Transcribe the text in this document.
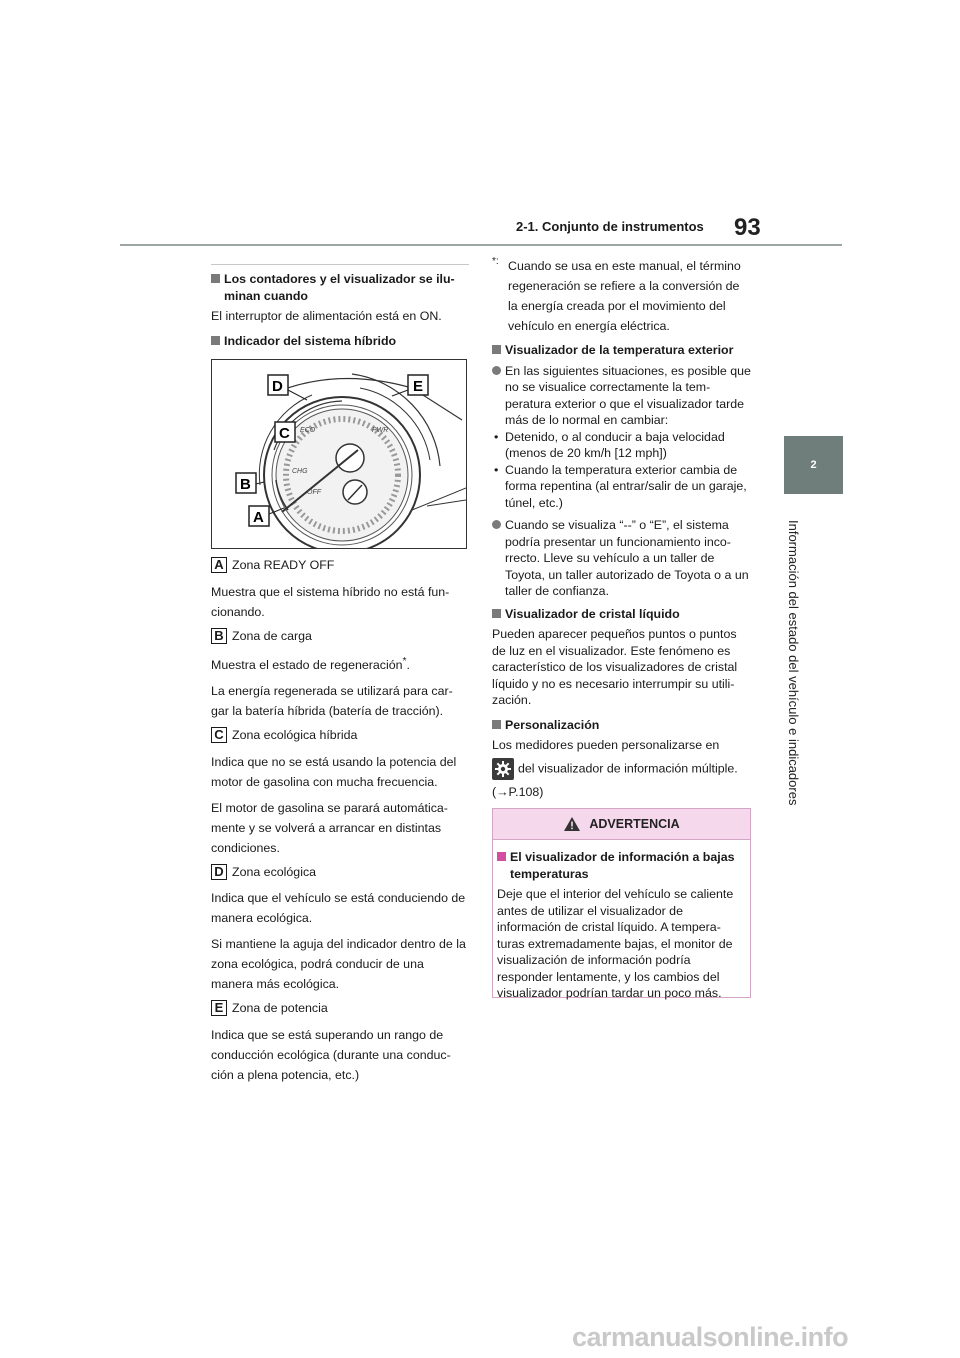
2-1. Conjunto de instrumentos 93
2
Información del estado del vehículo e indicadores
Los contadores y el visualizador se ilu-minan cuando

El interruptor de alimentación está en ON.

Indicador del sistema híbrido
ECO	PWR
CHG
OFF
D	E
C
B
A
A Zona READY OFF

Muestra que el sistema híbrido no está fun-cionando.

B Zona de carga

Muestra el estado de regeneración*.

La energía regenerada se utilizará para car-gar la batería híbrida (batería de tracción).

C Zona ecológica híbrida

Indica que no se está usando la potencia del motor de gasolina con mucha frecuencia.

El motor de gasolina se parará automática-mente y se volverá a arrancar en distintas condiciones.

D Zona ecológica

Indica que el vehículo se está conduciendo de manera ecológica.

Si mantiene la aguja del indicador dentro de la zona ecológica, podrá conducir de una manera más ecológica.

E Zona de potencia

Indica que se está superando un rango de conducción ecológica (durante una conduc-ción a plena potencia, etc.)

*: Cuando se usa en este manual, el término regeneración se refiere a la conversión de la energía creada por el movimiento del vehículo en energía eléctrica.
Visualizador de la temperatura exterior
En las siguientes situaciones, es posible que no se visualice correctamente la tem-peratura exterior o que el visualizador tarde más de lo normal en cambiar:
• Detenido, o al conducir a baja velocidad (menos de 20 km/h [12 mph])
• Cuando la temperatura exterior cambia de forma repentina (al entrar/salir de un garaje, túnel, etc.)
Cuando se visualiza “--” o “E”, el sistema podría presentar un funcionamiento inco-rrecto. Lleve su vehículo a un taller de Toyota, un taller autorizado de Toyota o a un taller de confianza.
Visualizador de cristal líquido

Pueden aparecer pequeños puntos o puntos de luz en el visualizador. Este fenómeno es característico de los visualizadores de cristal líquido y no es necesario interrumpir su utili-zación.

Personalización

Los medidores pueden personalizarse en

del visualizador de información múltiple.

(→P.108)

ADVERTENCIA
El visualizador de información a bajas temperaturas

Deje que el interior del vehículo se caliente antes de utilizar el visualizador de información de cristal líquido. A tempera-turas extremadamente bajas, el monitor de visualización de información podría responder lentamente, y los cambios del visualizador podrían tardar un poco más.

carmanualsonline.info
